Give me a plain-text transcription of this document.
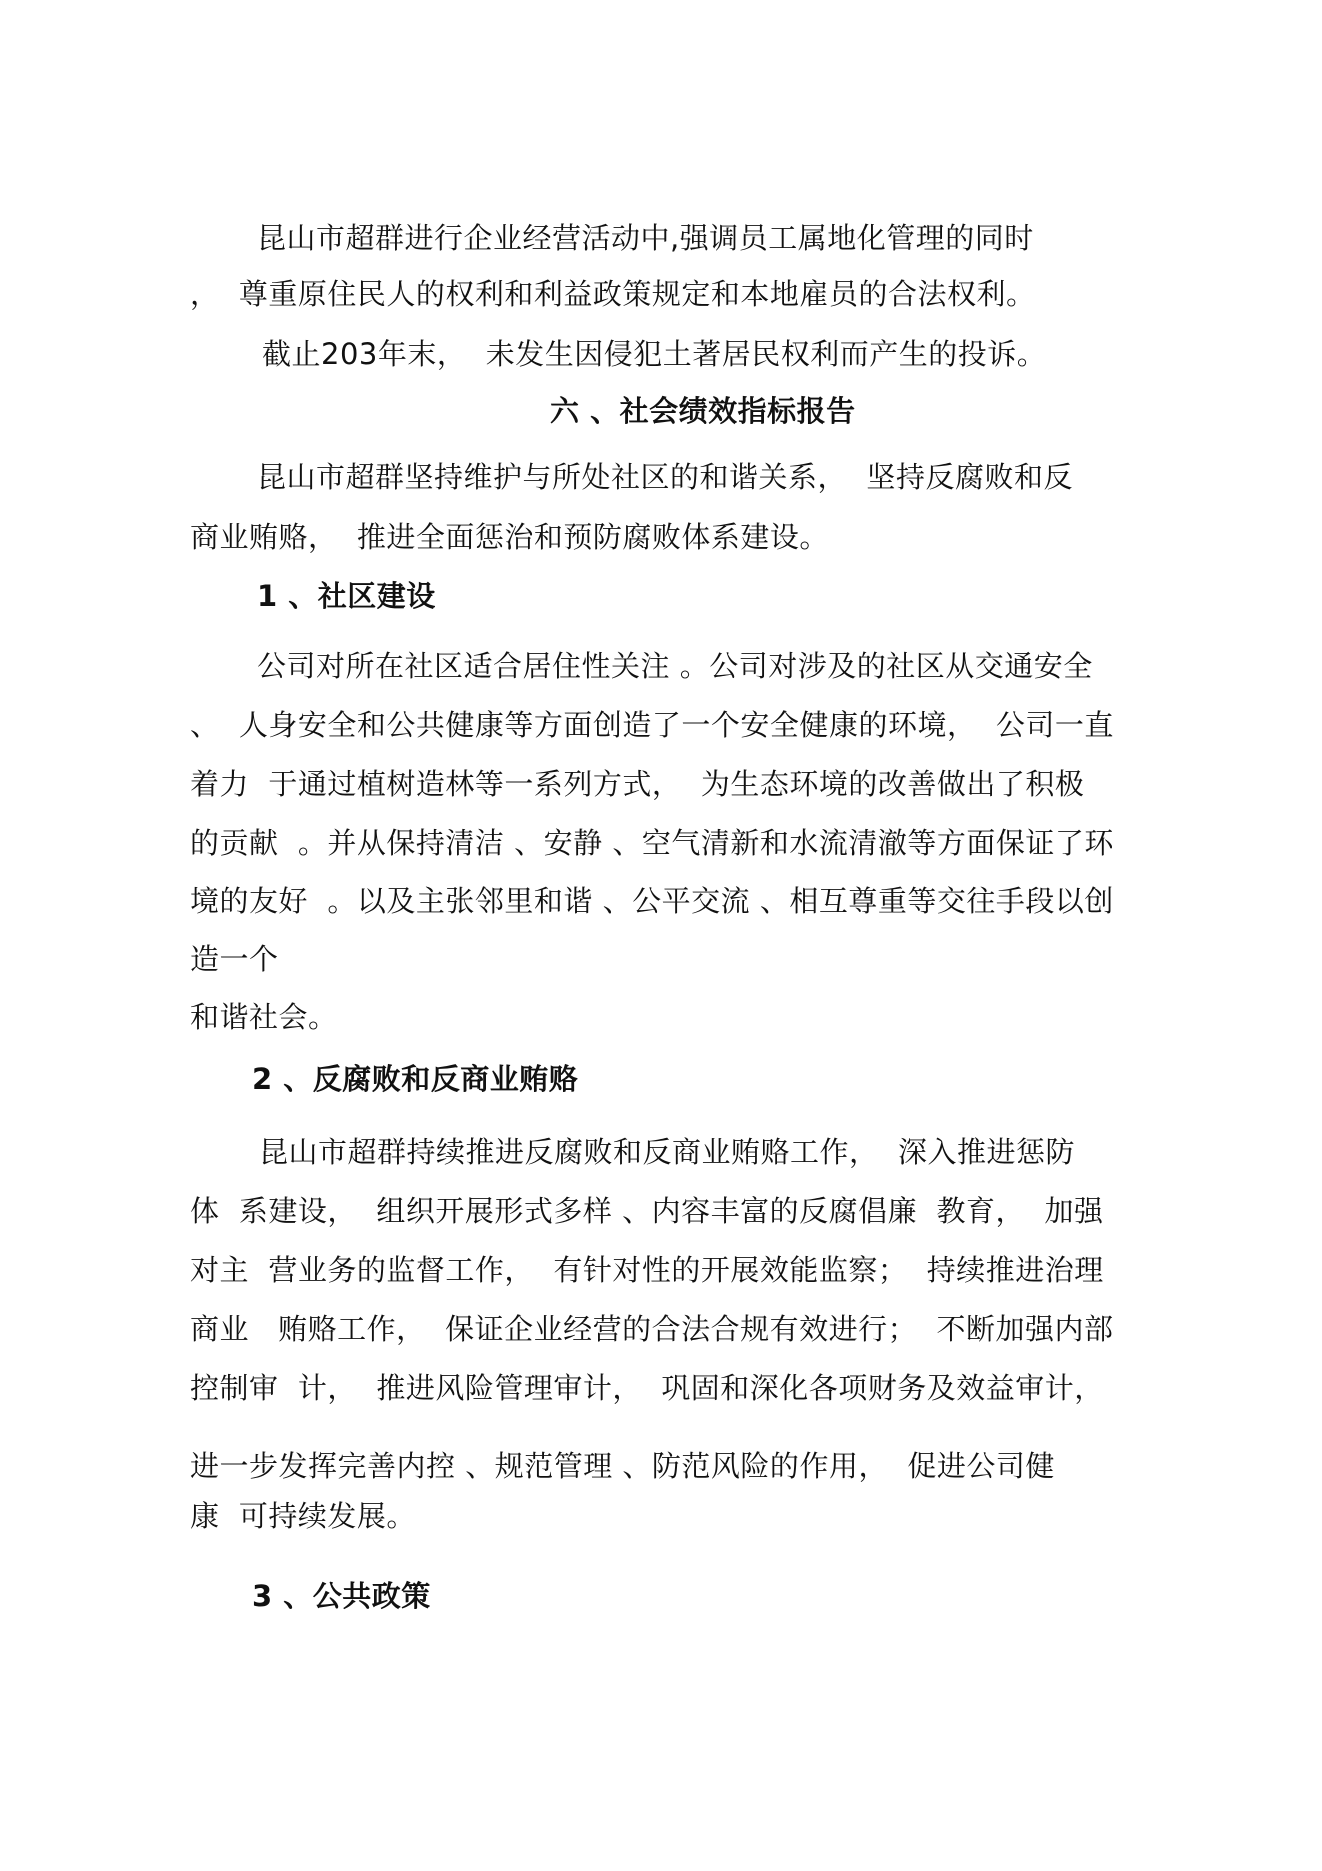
昆山市超群进行企业经营活动中,强调员工属地化管理的同时
，  尊重原住民人的权利和利益政策规定和本地雇员的合法权利。
截止203年末，  未发生因侵犯土著居民权利而产生的投诉。
六 、社会绩效指标报告
昆山市超群坚持维护与所处社区的和谐关系，  坚持反腐败和反
商业贿赂，  推进全面惩治和预防腐败体系建设。
1 、社区建设
公司对所在社区适合居住性关注 。公司对涉及的社区从交通安全
、  人身安全和公共健康等方面创造了一个安全健康的环境，  公司一直
着力  于通过植树造林等一系列方式，  为生态环境的改善做出了积极
的贡献  。并从保持清洁 、安静 、空气清新和水流清澈等方面保证了环
境的友好  。以及主张邻里和谐 、公平交流 、相互尊重等交往手段以创
造一个
和谐社会。
2 、反腐败和反商业贿赂
昆山市超群持续推进反腐败和反商业贿赂工作，  深入推进惩防
体  系建设，  组织开展形式多样 、内容丰富的反腐倡廉  教育，  加强
对主  营业务的监督工作，  有针对性的开展效能监察；  持续推进治理
商业   贿赂工作，  保证企业经营的合法合规有效进行；  不断加强内部
控制审  计，  推进风险管理审计，  巩固和深化各项财务及效益审计，
进一步发挥完善内控 、规范管理 、防范风险的作用，  促进公司健
康  可持续发展。
3 、公共政策
